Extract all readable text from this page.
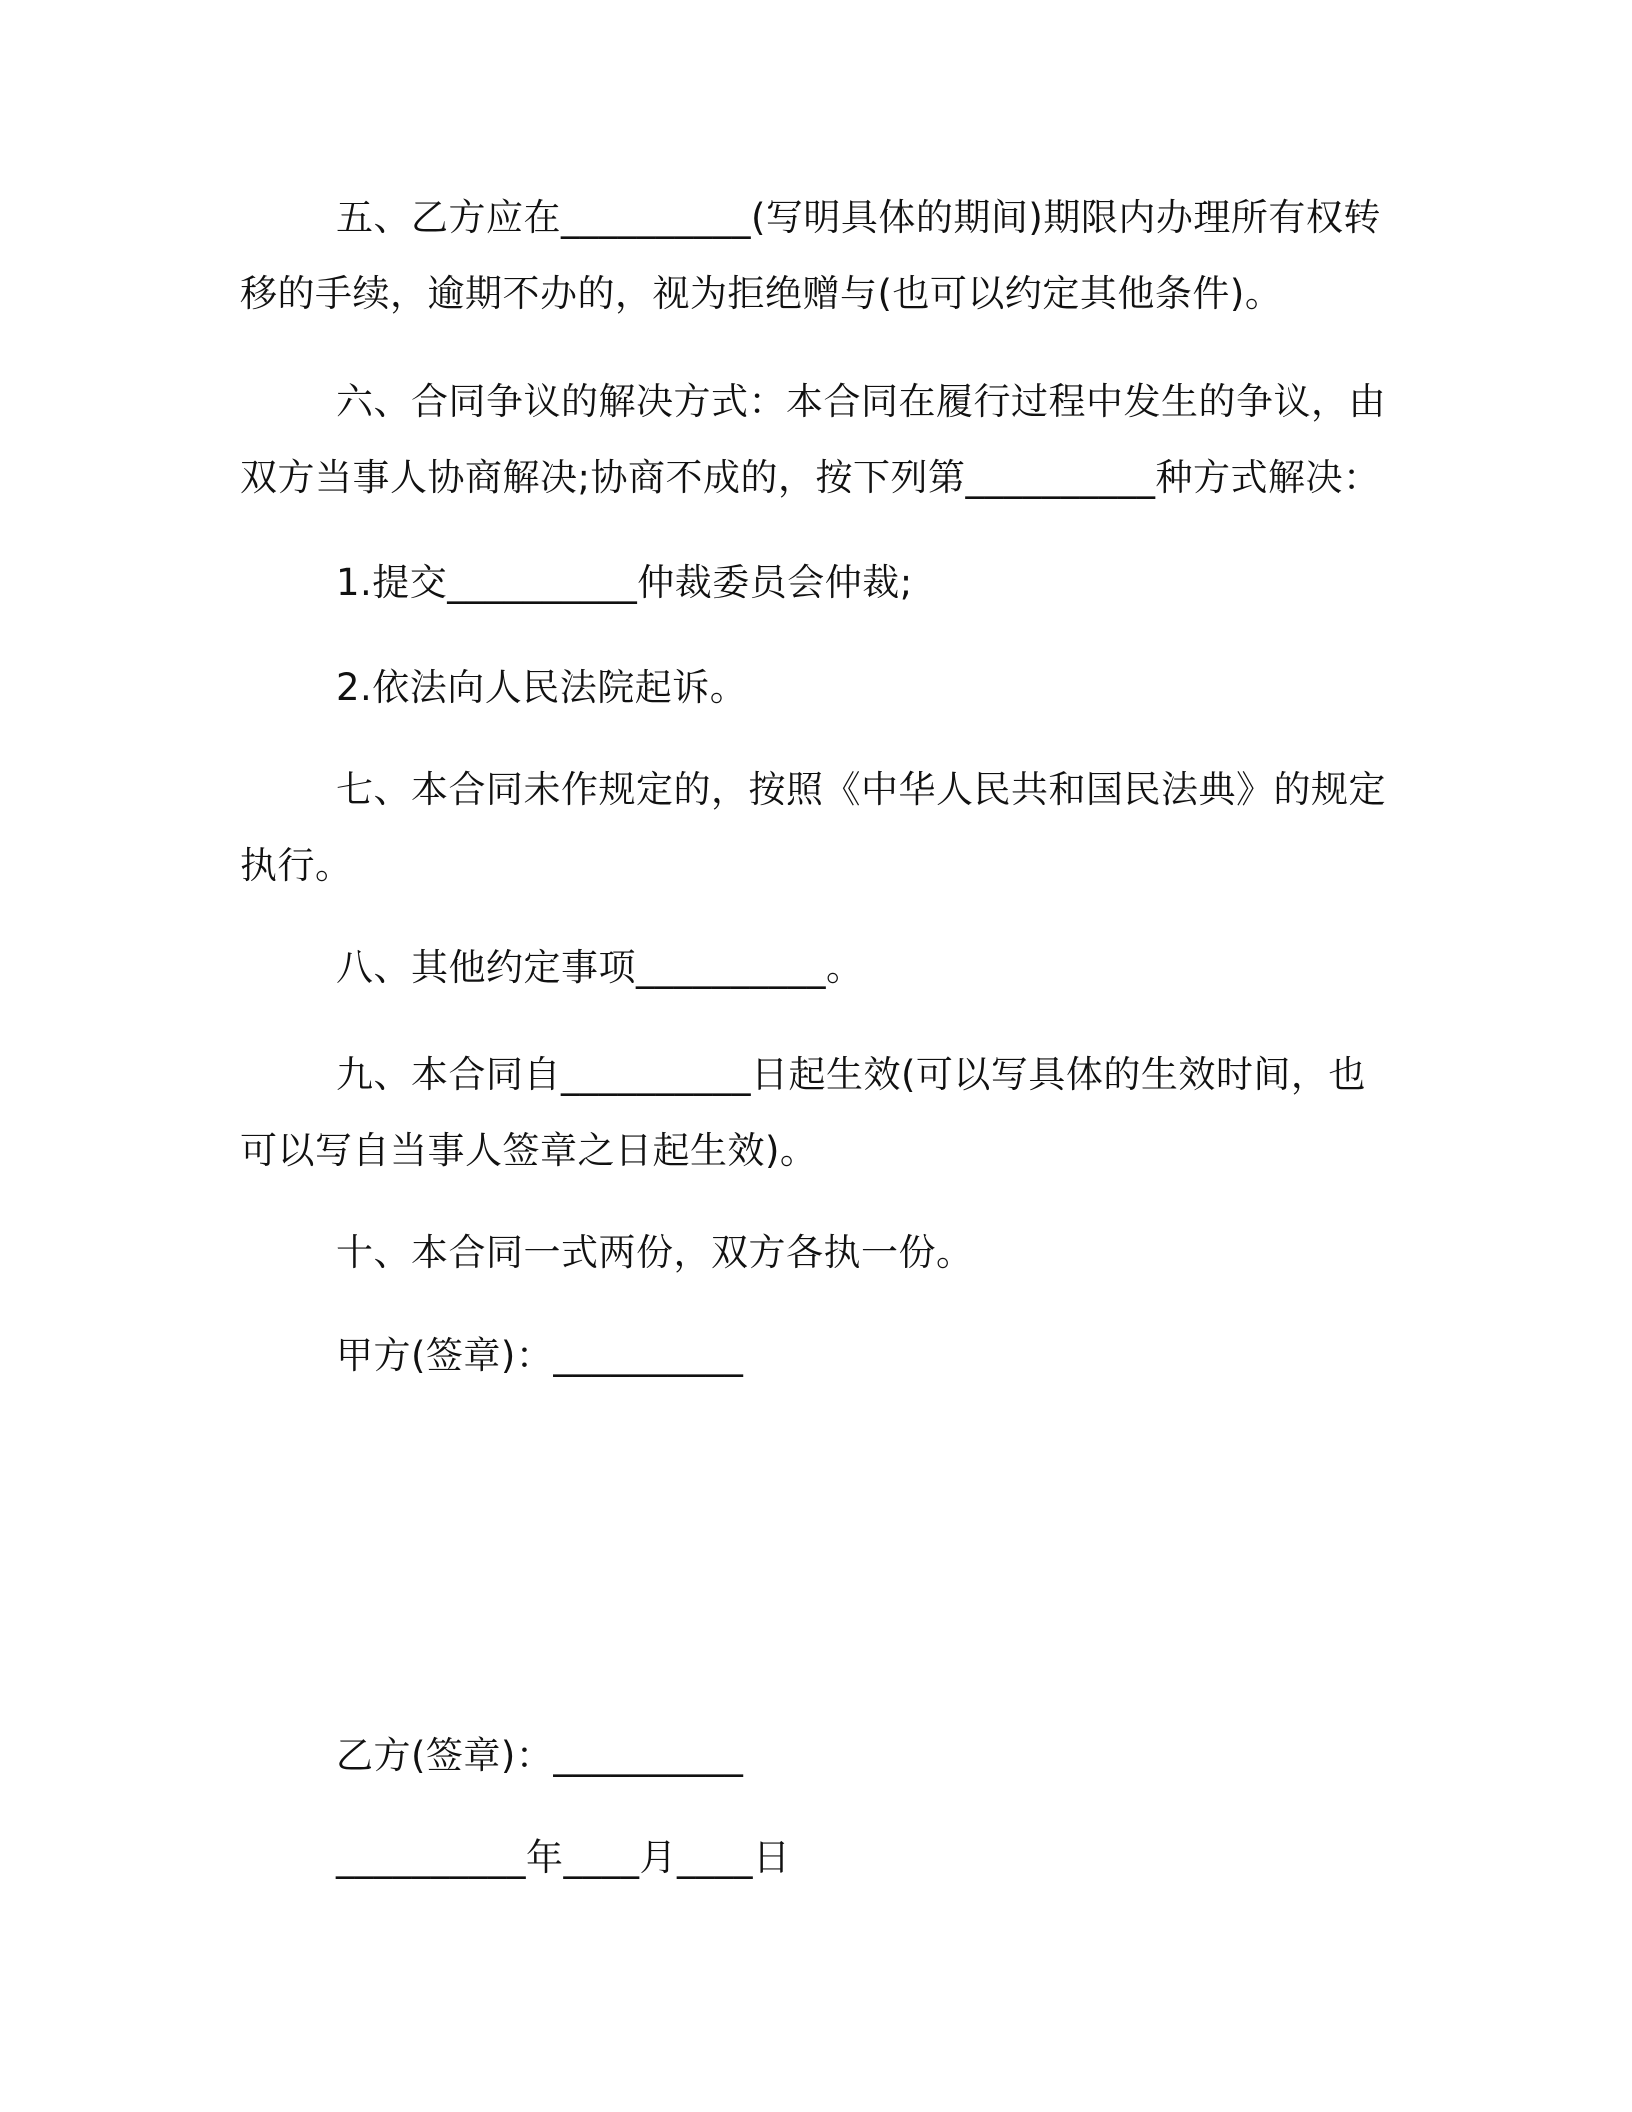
五、乙方应在__________(写明具体的期间)期限内办理所有权转移的手续，逾期不办的，视为拒绝赠与(也可以约定其他条件)。
六、合同争议的解决方式：本合同在履行过程中发生的争议，由双方当事人协商解决;协商不成的，按下列第__________种方式解决：
1.提交__________仲裁委员会仲裁;
2.依法向人民法院起诉。
七、本合同未作规定的，按照《中华人民共和国民法典》的规定执行。
八、其他约定事项__________。
九、本合同自__________日起生效(可以写具体的生效时间，也可以写自当事人签章之日起生效)。
十、本合同一式两份，双方各执一份。
甲方(签章)：__________
乙方(签章)：__________
__________年____月____日
